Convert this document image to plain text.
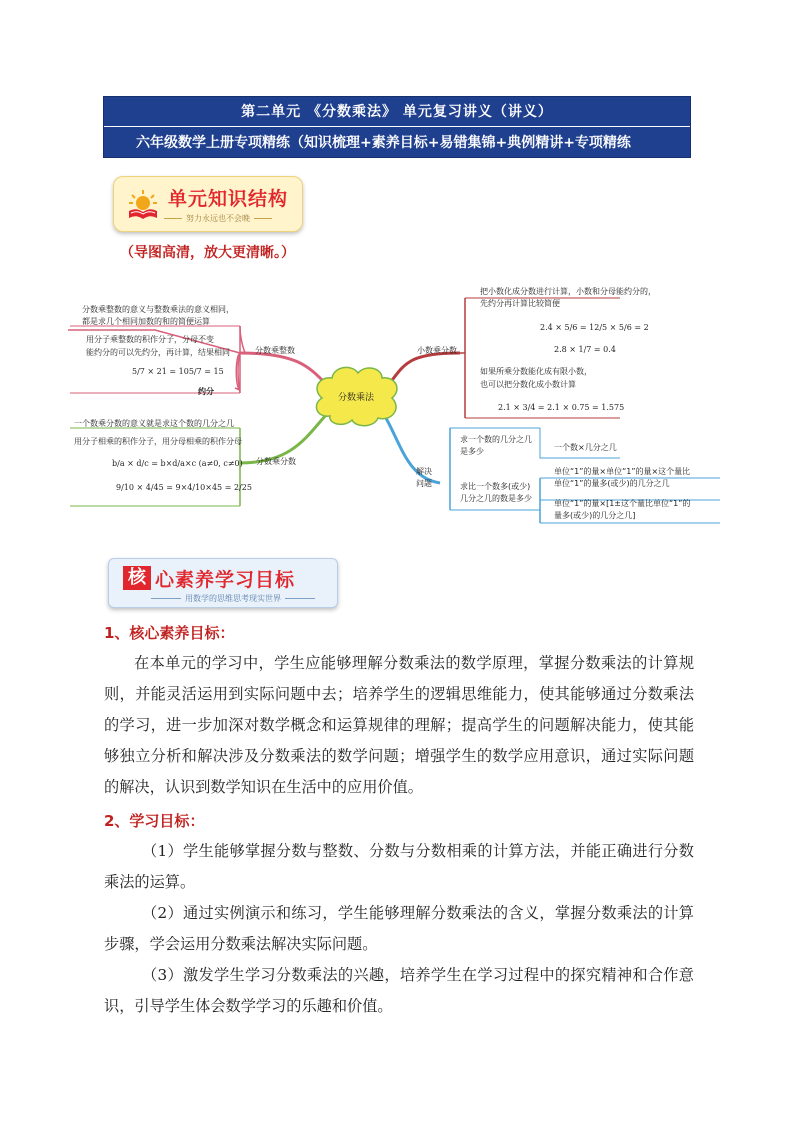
第二单元 《分数乘法》 单元复习讲义（讲义）
六年级数学上册专项精练（知识梳理+素养目标+易错集锦+典例精讲+专项精练
单元知识结构
努力永远也不会晚
（导图高清，放大更清晰。）
分数乘法
分数乘整数
分数乘整数的意义与整数乘法的意义相同，
都是求几个相同加数的和的简便运算
用分子乘整数的积作分子，分母不变
能约分的可以先约分，再计算，结果相同
5/7 × 21 = 105/7 = 15
约分
分数乘分数
一个数乘分数的意义就是求这个数的几分之几
用分子相乘的积作分子，用分母相乘的积作分母
b/a × d/c = b×d/a×c (a≠0, c≠0)
9/10 × 4/45 = 9×4/10×45 = 2/25
小数乘分数
把小数化成分数进行计算，小数和分母能约分的，
先约分再计算比较简便
2.4 × 5/6 = 12/5 × 5/6 = 2
2.8 × 1/7 = 0.4
如果所乘分数能化成有限小数，
也可以把分数化成小数计算
2.1 × 3/4 = 2.1 × 0.75 = 1.575
解决
问题
求一个数的几分之几
是多少	一个数×几分之几
求比一个数多(或少)
几分之几的数是多少
单位“1”的量×单位“1”的量×这个量比
单位“1”的量多(或少)的几分之几
单位“1”的量×[1±这个量比单位“1”的
量多(或少)的几分之几]
核 心素养学习目标
用数学的思维思考现实世界
1、核心素养目标：
在本单元的学习中，学生应能够理解分数乘法的数学原理，掌握分数乘法的计算规则，并能灵活运用到实际问题中去；培养学生的逻辑思维能力，使其能够通过分数乘法的学习，进一步加深对数学概念和运算规律的理解；提高学生的问题解决能力，使其能够独立分析和解决涉及分数乘法的数学问题；增强学生的数学应用意识，通过实际问题的解决，认识到数学知识在生活中的应用价值。
2、学习目标：
（1）学生能够掌握分数与整数、分数与分数相乘的计算方法，并能正确进行分数乘法的运算。
（2）通过实例演示和练习，学生能够理解分数乘法的含义，掌握分数乘法的计算步骤，学会运用分数乘法解决实际问题。
（3）激发学生学习分数乘法的兴趣，培养学生在学习过程中的探究精神和合作意识，引导学生体会数学学习的乐趣和价值。
